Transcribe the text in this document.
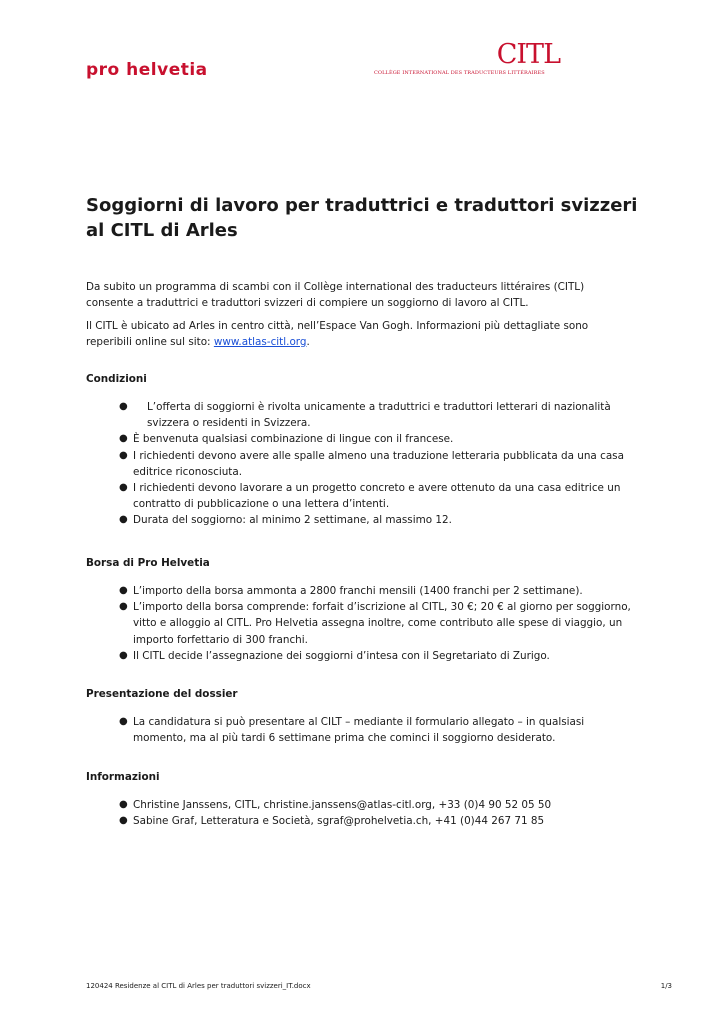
pro helvetia	CITL
COLLÈGE INTERNATIONAL DES TRADUCTEURS LITTÉRAIRES
Soggiorni di lavoro per traduttrici e traduttori svizzeri al CITL di Arles

Da subito un programma di scambi con il Collège international des traducteurs littéraires (CITL) consente a traduttrici e traduttori svizzeri di compiere un soggiorno di lavoro al CITL.

Il CITL è ubicato ad Arles in centro città, nell’Espace Van Gogh. Informazioni più dettagliate sono reperibili online sul sito: www.atlas-citl.org.

Condizioni
● L’offerta di soggiorni è rivolta unicamente a traduttrici e traduttori letterari di nazionalità svizzera o residenti in Svizzera.
● È benvenuta qualsiasi combinazione di lingue con il francese.
● I richiedenti devono avere alle spalle almeno una traduzione letteraria pubblicata da una casa editrice riconosciuta.
● I richiedenti devono lavorare a un progetto concreto e avere ottenuto da una casa editrice un contratto di pubblicazione o una lettera d’intenti.
● Durata del soggiorno: al minimo 2 settimane, al massimo 12.
Borsa di Pro Helvetia
● L’importo della borsa ammonta a 2800 franchi mensili (1400 franchi per 2 settimane).
● L’importo della borsa comprende: forfait d’iscrizione al CITL, 30 €; 20 € al giorno per soggiorno, vitto e alloggio al CITL. Pro Helvetia assegna inoltre, come contributo alle spese di viaggio, un importo forfettario di 300 franchi.
● Il CITL decide l’assegnazione dei soggiorni d’intesa con il Segretariato di Zurigo.
Presentazione del dossier
● La candidatura si può presentare al CILT – mediante il formulario allegato – in qualsiasi momento, ma al più tardi 6 settimane prima che cominci il soggiorno desiderato.
Informazioni
● Christine Janssens, CITL, christine.janssens@atlas-citl.org, +33 (0)4 90 52 05 50
● Sabine Graf, Letteratura e Società, sgraf@prohelvetia.ch, +41 (0)44 267 71 85
120424 Residenze al CITL di Arles per traduttori svizzeri_IT.docx	1/3
